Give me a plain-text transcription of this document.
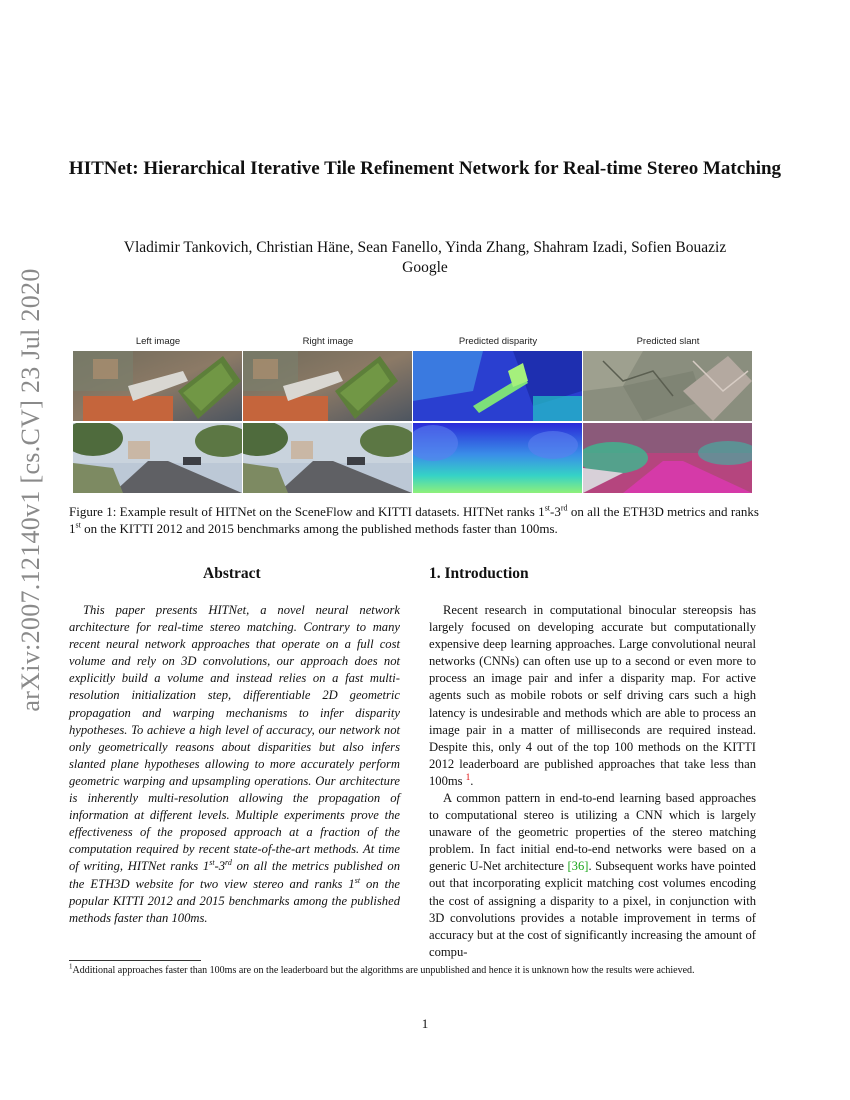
arXiv:2007.12140v1 [cs.CV] 23 Jul 2020
HITNet: Hierarchical Iterative Tile Refinement Network for Real-time Stereo Matching
Vladimir Tankovich, Christian Häne, Sean Fanello, Yinda Zhang, Shahram Izadi, Sofien Bouaziz
Google
Left image	Right image	Predicted disparity	Predicted slant
Figure 1: Example result of HITNet on the SceneFlow and KITTI datasets. HITNet ranks 1st-3rd on all the ETH3D metrics and ranks 1st on the KITTI 2012 and 2015 benchmarks among the published methods faster than 100ms.
Abstract

This paper presents HITNet, a novel neural network architecture for real-time stereo matching. Contrary to many recent neural network approaches that operate on a full cost volume and rely on 3D convolutions, our approach does not explicitly build a volume and instead relies on a fast multi-resolution initialization step, differentiable 2D geometric propagation and warping mechanisms to infer disparity hypotheses. To achieve a high level of accuracy, our network not only geometrically reasons about disparities but also infers slanted plane hypotheses allowing to more accurately perform geometric warping and upsampling operations. Our architecture is inherently multi-resolution allowing the propagation of information at different levels. Multiple experiments prove the effectiveness of the proposed approach at a fraction of the computation required by recent state-of-the-art methods. At time of writing, HITNet ranks 1st-3rd on all the metrics published on the ETH3D website for two view stereo and ranks 1st on the popular KITTI 2012 and 2015 benchmarks among the published methods faster than 100ms.

1. Introduction

Recent research in computational binocular stereopsis has largely focused on developing accurate but computationally expensive deep learning approaches. Large convolutional neural networks (CNNs) can often use up to a second or even more to process an image pair and infer a disparity map. For active agents such as mobile robots or self driving cars such a high latency is undesirable and methods which are able to process an image pair in a matter of milliseconds are required instead. Despite this, only 4 out of the top 100 methods on the KITTI 2012 leaderboard are published approaches that take less than 100ms $^1$.

A common pattern in end-to-end learning based approaches to computational stereo is utilizing a CNN which is largely unaware of the geometric properties of the stereo matching problem. In fact initial end-to-end networks were based on a generic U-Net architecture [36]. Subsequent works have pointed out that incorporating explicit matching cost volumes encoding the cost of assigning a disparity to a pixel, in conjunction with 3D convolutions provides a notable improvement in terms of accuracy but at the cost of significantly increasing the amount of compu-

$^1$Additional approaches faster than 100ms are on the leaderboard but the algorithms are unpublished and hence it is unknown how the results were achieved.
1
